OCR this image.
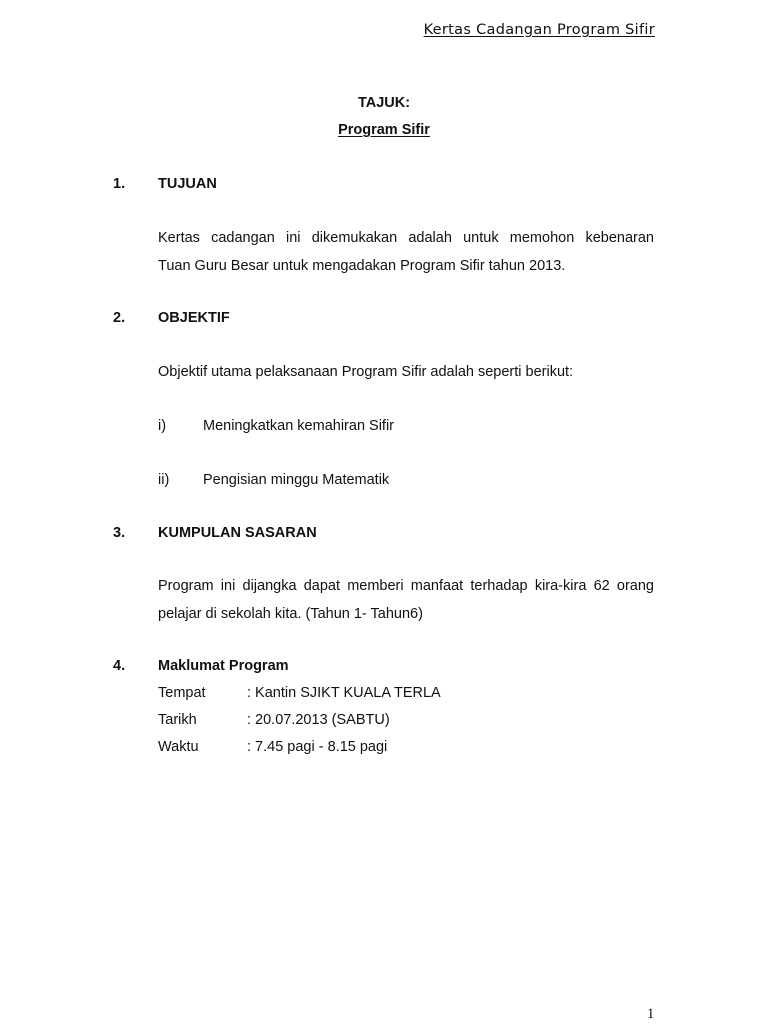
Kertas Cadangan Program Sifir
TAJUK:
Program Sifir
1. TUJUAN
Kertas cadangan ini dikemukakan adalah untuk memohon kebenaran
Tuan Guru Besar untuk mengadakan Program Sifir tahun 2013.
2. OBJEKTIF
Objektif utama pelaksanaan Program Sifir adalah seperti berikut:
i)	Meningkatkan kemahiran Sifir
ii) Pengisian minggu Matematik
3. KUMPULAN SASARAN
Program ini dijangka dapat memberi manfaat terhadap kira-kira 62 orang
pelajar di sekolah kita. (Tahun 1- Tahun6)
4. Maklumat Program
Tempat	: Kantin SJIKT KUALA TERLA
Tarikh	: 20.07.2013 (SABTU)
Waktu	: 7.45 pagi - 8.15 pagi
1
